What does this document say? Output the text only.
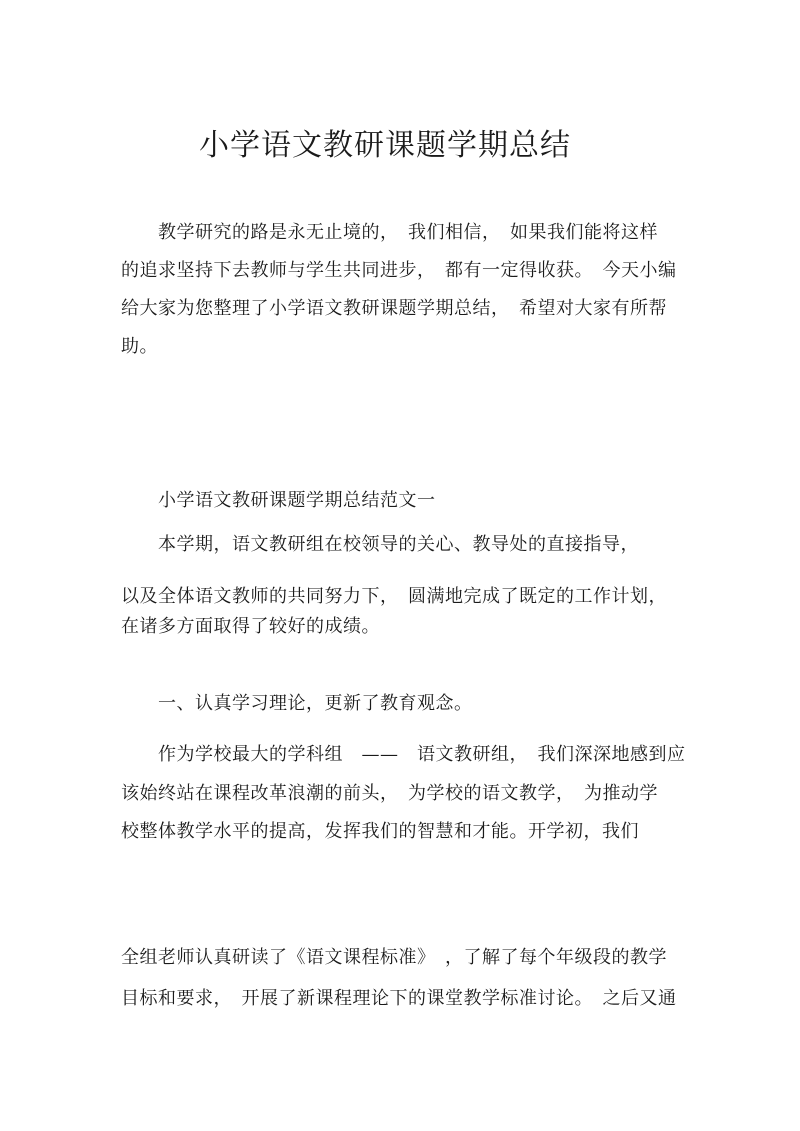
小学语文教研课题学期总结
　　教学研究的路是永无止境的，　我们相信，　如果我们能将这样
的追求坚持下去教师与学生共同进步，　都有一定得收获。　今天小编
给大家为您整理了小学语文教研课题学期总结，　希望对大家有所帮
助。
　　小学语文教研课题学期总结范文一
　　本学期，语文教研组在校领导的关心、教导处的直接指导，
以及全体语文教师的共同努力下，　圆满地完成了既定的工作计划，
在诸多方面取得了较好的成绩。
　　一、认真学习理论，更新了教育观念。
　　作为学校最大的学科组　——　语文教研组，　我们深深地感到应
该始终站在课程改革浪潮的前头，　为学校的语文教学，　为推动学
校整体教学水平的提高，发挥我们的智慧和才能。开学初，我们
全组老师认真研读了《语文课程标准》　，了解了每个年级段的教学
目标和要求，　开展了新课程理论下的课堂教学标准讨论。　之后又通
